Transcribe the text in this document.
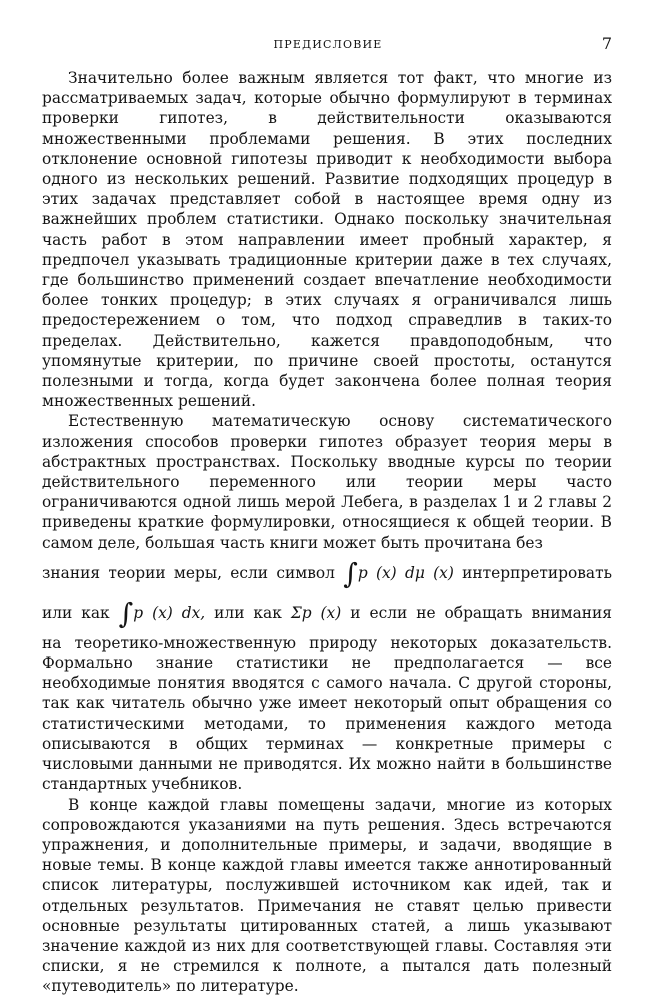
ПРЕДИСЛОВИЕ	7

Значительно более важным является тот факт, что многие из рассматриваемых задач, которые обычно формулируют в терминах проверки гипотез, в действительности оказываются множественными проблемами решения. В этих последних отклонение основной гипотезы приводит к необходимости выбора одного из нескольких решений. Развитие подходящих процедур в этих задачах представляет собой в настоящее время одну из важнейших проблем статистики. Однако поскольку значительная часть работ в этом направлении имеет пробный характер, я предпочел указывать традиционные критерии даже в тех случаях, где большинство применений создает впечатление необходимости более тонких процедур; в этих случаях я ограничивался лишь предостережением о том, что подход справедлив в таких-то пределах. Действительно, кажется правдоподобным, что упомянутые критерии, по причине своей простоты, останутся полезными и тогда, когда будет закончена более полная теория множественных решений.

Естественную математическую основу систематического изложения способов проверки гипотез образует теория меры в абстрактных пространствах. Поскольку вводные курсы по теории действительного переменного или теории меры часто ограничиваются одной лишь мерой Лебега, в разделах 1 и 2 главы 2 приведены краткие формулировки, относящиеся к общей теории. В самом деле, большая часть книги может быть прочитана без

знания теории меры, если символ ∫p (x) dμ (x) интерпретировать

или как ∫p (x) dx, или как Σp (x) и если не обращать внимания

на теоретико-множественную природу некоторых доказательств. Формально знание статистики не предполагается — все необходимые понятия вводятся с самого начала. С другой стороны, так как читатель обычно уже имеет некоторый опыт обращения со статистическими методами, то применения каждого метода описываются в общих терминах — конкретные примеры с числовыми данными не приводятся. Их можно найти в большинстве стандартных учебников.

В конце каждой главы помещены задачи, многие из которых сопровождаются указаниями на путь решения. Здесь встречаются упражнения, и дополнительные примеры, и задачи, вводящие в новые темы. В конце каждой главы имеется также аннотированный список литературы, послужившей источником как идей, так и отдельных результатов. Примечания не ставят целью привести основные результаты цитированных статей, а лишь указывают значение каждой из них для соответствующей главы. Составляя эти списки, я не стремился к полноте, а пытался дать полезный «путеводитель» по литературе.
